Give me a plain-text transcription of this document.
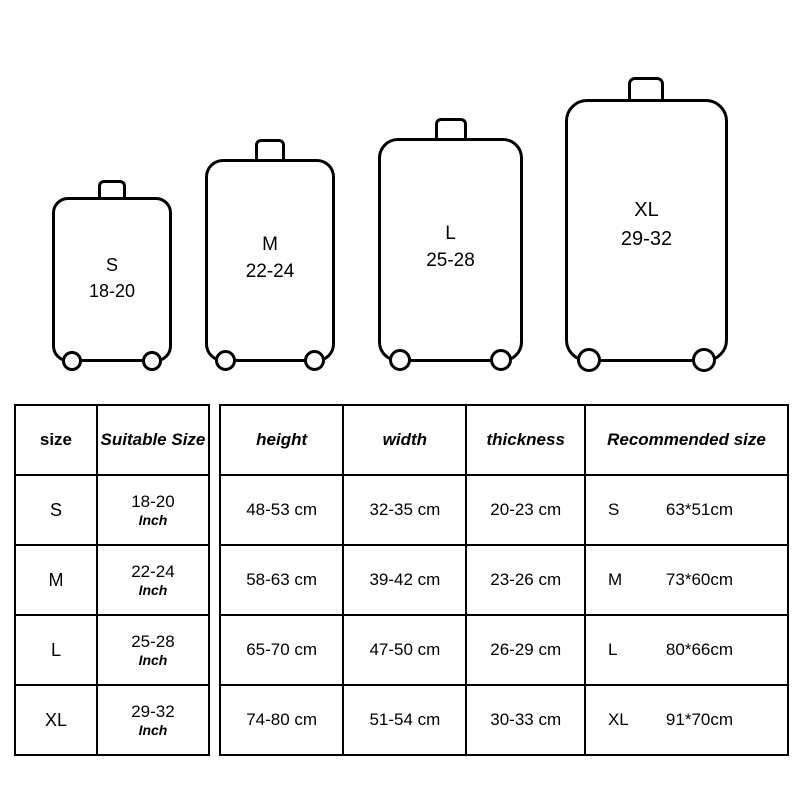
S
18-20
M
22-24
L
25-28
XL
29-32
size	Suitable Size
S	18-20
Inch

M	22-24
Inch

L	25-28
Inch

XL	29-32
Inch
height	width	thickness	Recommended size
48-53 cm	32-35 cm	20-23 cm	S 63*51cm
58-63 cm	39-42 cm	23-26 cm	M 73*60cm
65-70 cm	47-50 cm	26-29 cm	L 80*66cm
74-80 cm	51-54 cm	30-33 cm	XL 91*70cm
